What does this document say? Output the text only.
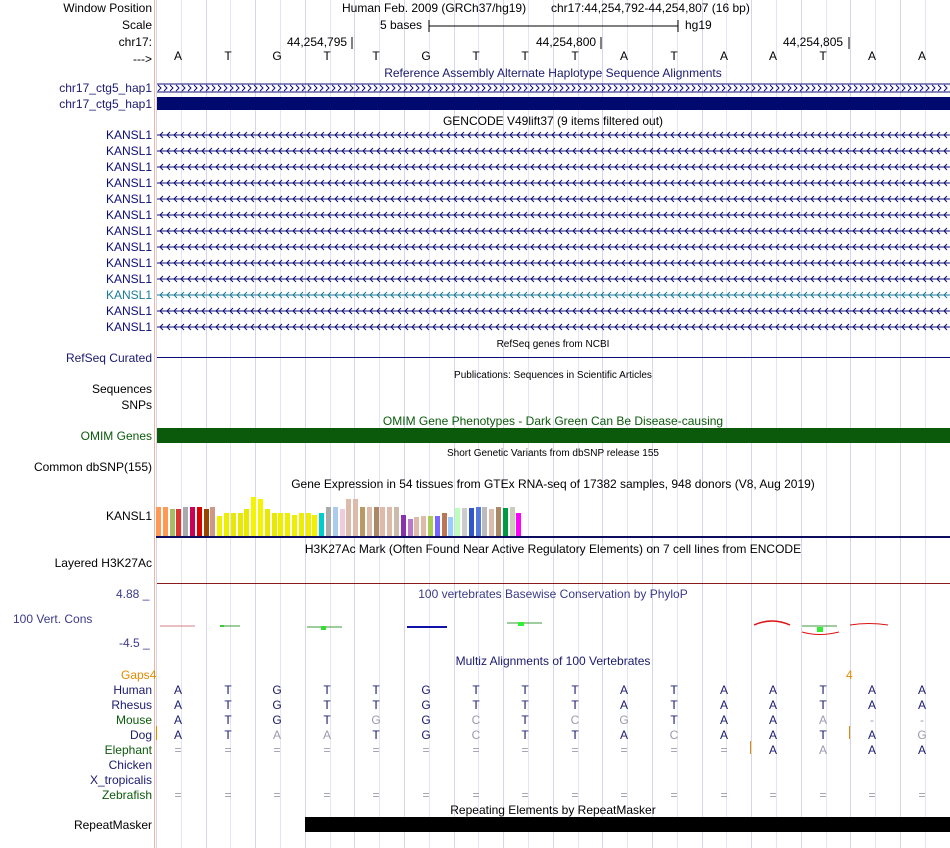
Window Position	Human Feb. 2009 (GRCh37/hg19) chr17:44,254,792-44,254,807 (16 bp)
Scale	5 bases	hg19
chr17:	44,254,795	44,254,800	44,254,805
--->	A	T	G	T	T	G	T	T	T	A	T	A	A	T	A	A
Reference Assembly Alternate Haplotype Sequence Alignments
chr17_ctg5_hap1
chr17_ctg5_hap1
GENCODE V49lift37 (9 items filtered out)
KANSL1
KANSL1
KANSL1
KANSL1
KANSL1
KANSL1
KANSL1
KANSL1
KANSL1
KANSL1
KANSL1
KANSL1
KANSL1
RefSeq genes from NCBI
RefSeq Curated
Publications: Sequences in Scientific Articles
Sequences
SNPs
OMIM Gene Phenotypes - Dark Green Can Be Disease-causing
OMIM Genes
Short Genetic Variants from dbSNP release 155
Common dbSNP(155)
Gene Expression in 54 tissues from GTEx RNA-seq of 17382 samples, 948 donors (V8, Aug 2019)
KANSL1
H3K27Ac Mark (Often Found Near Active Regulatory Elements) on 7 cell lines from ENCODE
Layered H3K27Ac
4.88 _	100 vertebrates Basewise Conservation by PhyloP
100 Vert. Cons
-4.5 _
Multiz Alignments of 100 Vertebrates
Gaps4	4
Human	A	T	G	T	T	G	T	T	T	A	T	A	A	T	A	A
Rhesus	A	T	G	T	T	G	T	T	T	A	T	A	A	T	A	A
Mouse	A	T	G	T	G	G	C	T	C	G	T	A	A	A	-	-
Dog	A	T	A	A	T	G	C	T	T	A	C	A	A	T	A	G
Elephant	=	=	=	=	=	=	=	=	=	=	=	=	A	A	A	A
Chicken
X_tropicalis
Zebrafish	=	=	=	=	=	=	=	=	=	=	=	=	=	=	=	=
Repeating Elements by RepeatMasker
RepeatMasker
